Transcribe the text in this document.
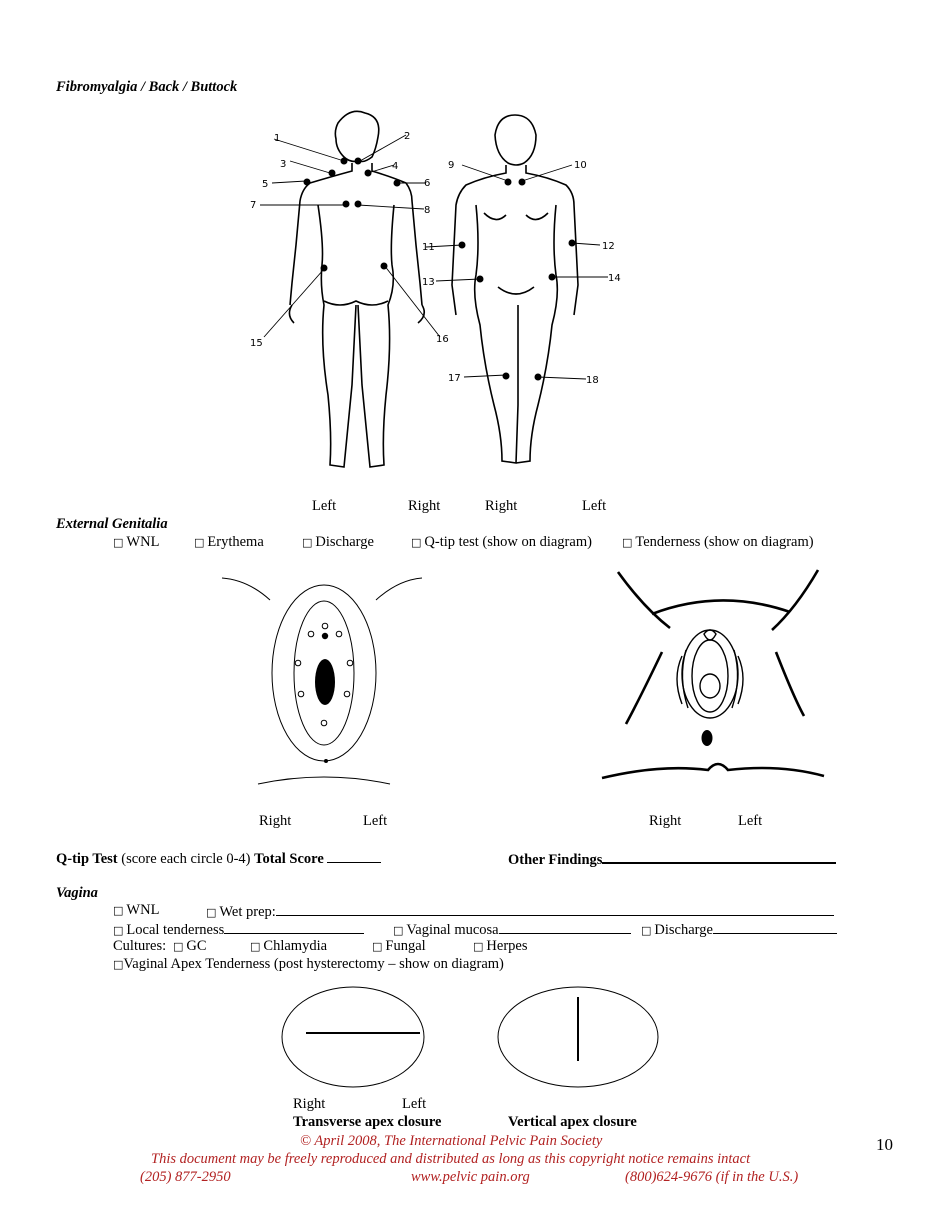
Fibromyalgia / Back / Buttock
1	2
3	4
5	6
7	8
9	10
11	12
13	14
15	16
17	18
Left	Right	Right	Left
External Genitalia
□ WNL	□ Erythema	□ Discharge	□ Q-tip test (show on diagram)	□ Tenderness (show on diagram)
Right	Left	Right	Left
Q-tip Test (score each circle 0-4) Total Score	Other Findings
Vagina
□ WNL	□ Wet prep:
□ Local tenderness	□ Vaginal mucosa	□ Discharge
Cultures: □ GC	□ Chlamydia	□ Fungal	□ Herpes
□Vaginal Apex Tenderness (post hysterectomy – show on diagram)
Right	Left
Transverse apex closure	Vertical apex closure
© April 2008, The International Pelvic Pain Society	10
This document may be freely reproduced and distributed as long as this copyright notice remains intact
(205) 877-2950	www.pelvic pain.org	(800)624-9676 (if in the U.S.)
